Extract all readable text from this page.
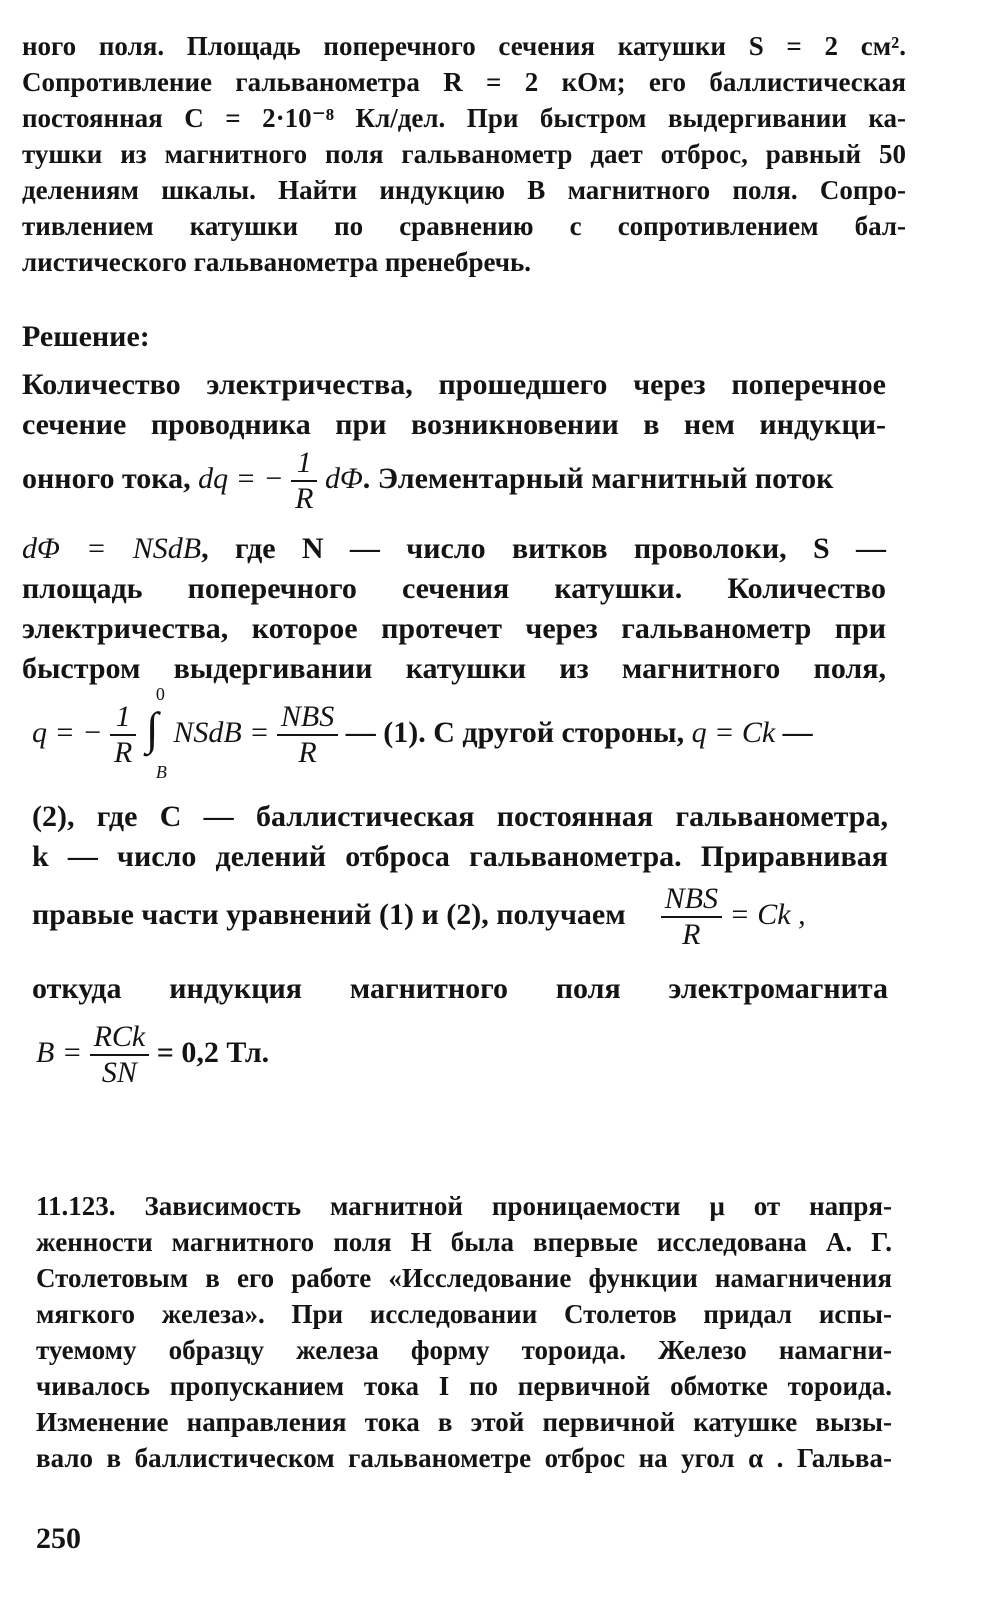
ного поля. Площадь поперечного сечения катушки S = 2 см².
Сопротивление гальванометра R = 2 кОм; его баллистическая
постоянная C = 2·10⁻⁸ Кл/дел. При быстром выдергивании ка-
тушки из магнитного поля гальванометр дает отброс, равный 50
делениям шкалы. Найти индукцию B магнитного поля. Сопро-
тивлением катушки по сравнению с сопротивлением бал-
листического гальванометра пренебречь.
Решение:
Количество электричества, прошедшего через поперечное
сечение проводника при возникновении в нем индукци-
онного тока, dq = − $\frac{1}{R} d\Phi$. Элементарный магнитный поток
dΦ = NSdB, где N — число витков проволоки, S —
площадь поперечного сечения катушки. Количество
электричества, которое протечет через гальванометр при
быстром выдергивании катушки из магнитного поля,
q = − $\frac{1}{R}$
∫
0
B
NSdB = $\frac{\text{NBS}}{R}$ — (1). С другой стороны, q = Ck —
(2), где C — баллистическая постоянная гальванометра,
k — число делений отброса гальванометра. Приравнивая
правые части уравнений (1) и (2), получаем $\frac{\text{NBS}}{R} = Ck$ ,
откуда индукция магнитного поля электромагнита
$B = \frac{\text{RCk}}{SN} = 0,2$ Тл.
11.123. Зависимость магнитной проницаемости μ от напря-
женности магнитного поля H была впервые исследована А. Г.
Столетовым в его работе «Исследование функции намагничения
мягкого железа». При исследовании Столетов придал испы-
туемому образцу железа форму тороида. Железо намагни-
чивалось пропусканием тока I по первичной обмотке тороида.
Изменение направления тока в этой первичной катушке вызы-
вало в баллистическом гальванометре отброс на угол α . Гальва-
250
